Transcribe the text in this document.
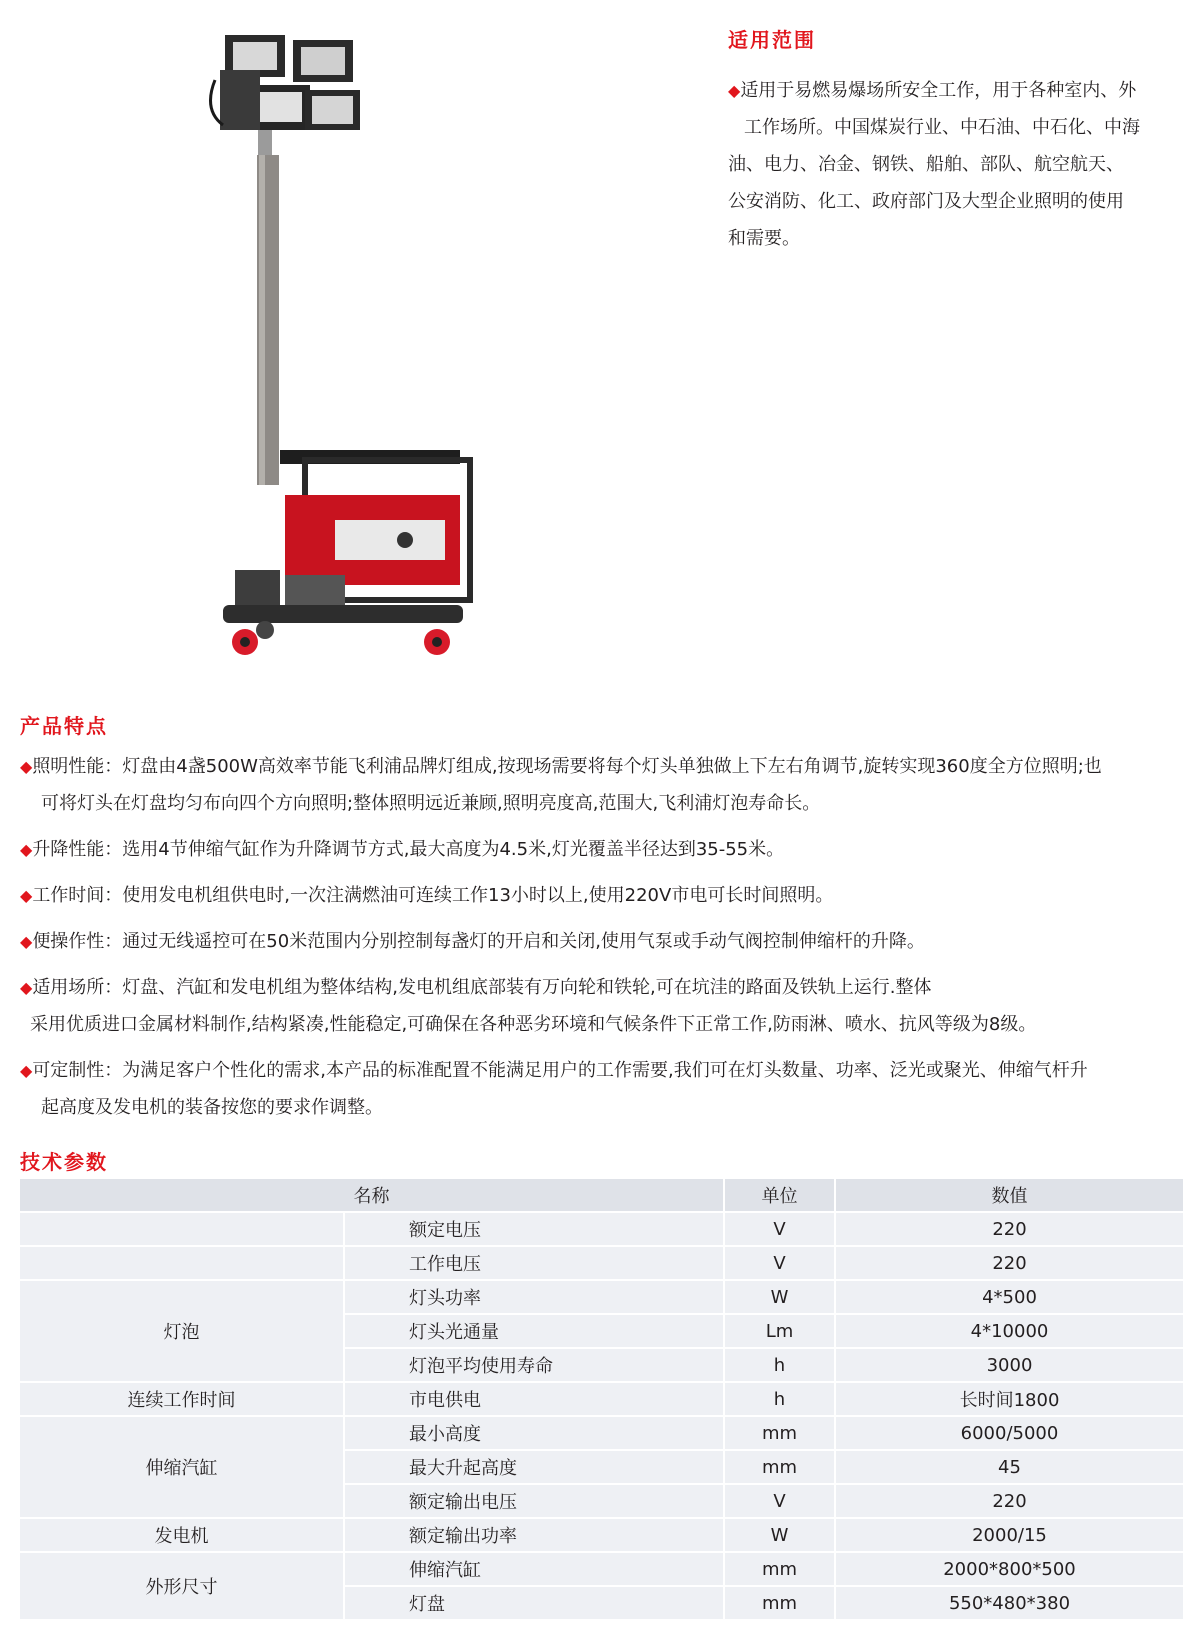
适用范围
◆适用于易燃易爆场所安全工作，用于各种室内、外
工作场所。中国煤炭行业、中石油、中石化、中海
油、电力、冶金、钢铁、船舶、部队、航空航天、
公安消防、化工、政府部门及大型企业照明的使用
和需要。
产品特点
◆照明性能：灯盘由4盏500W高效率节能飞利浦品牌灯组成,按现场需要将每个灯头单独做上下左右角调节,旋转实现360度全方位照明;也
可将灯头在灯盘均匀布向四个方向照明;整体照明远近兼顾,照明亮度高,范围大,飞利浦灯泡寿命长。
◆升降性能：选用4节伸缩气缸作为升降调节方式,最大高度为4.5米,灯光覆盖半径达到35-55米。
◆工作时间：使用发电机组供电时,一次注满燃油可连续工作13小时以上,使用220V市电可长时间照明。
◆便操作性：通过无线遥控可在50米范围内分别控制每盏灯的开启和关闭,使用气泵或手动气阀控制伸缩杆的升降。
◆适用场所：灯盘、汽缸和发电机组为整体结构,发电机组底部装有万向轮和铁轮,可在坑洼的路面及铁轨上运行.整体
采用优质进口金属材料制作,结构紧凑,性能稳定,可确保在各种恶劣环境和气候条件下正常工作,防雨淋、喷水、抗风等级为8级。
◆可定制性：为满足客户个性化的需求,本产品的标准配置不能满足用户的工作需要,我们可在灯头数量、功率、泛光或聚光、伸缩气杆升
起高度及发电机的装备按您的要求作调整。
技术参数
名称		单位	数值
	额定电压	V	220
	工作电压	V	220
灯泡	灯头功率	W	4*500
	灯头光通量	Lm	4*10000
	灯泡平均使用寿命	h	3000
连续工作时间	市电供电	h	长时间1800
伸缩汽缸	最小高度	mm	6000/5000
	最大升起高度	mm	45
	额定输出电压	V	220
发电机	额定输出功率	W	2000/15
外形尺寸	伸缩汽缸	mm	2000*800*500
	灯盘	mm	550*480*380
